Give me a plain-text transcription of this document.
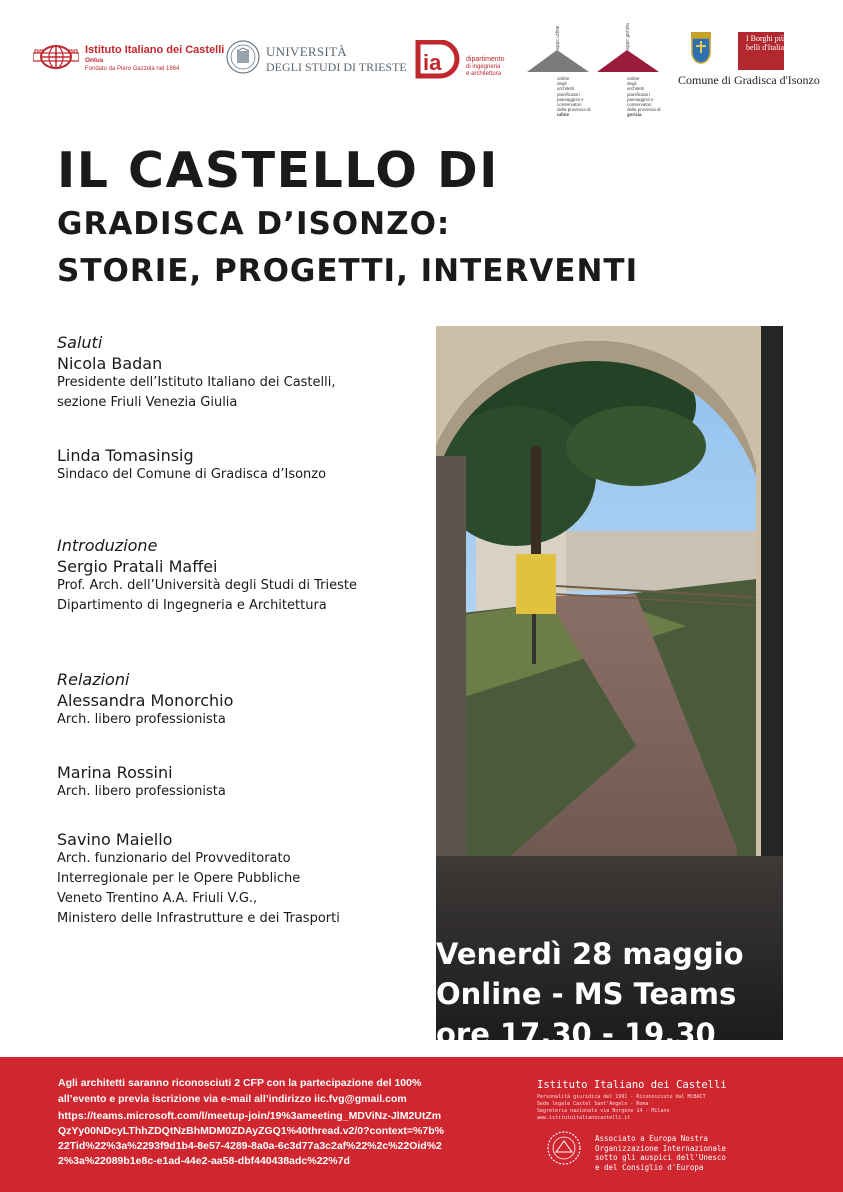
Istituto Italiano dei Castelli
Onlus
Fondato da Piero Gazzola nel 1964
UNIVERSITÀ
DEGLI STUDI DI TRIESTE ia	dipartimento
di ingegneria
e architettura
appc udine
ordine
degli
architetti
pianificatori
paesaggisti e
conservatori
della provincia di
udine
appc gorizia
ordine
degli
architetti
pianificatori
paesaggisti e
conservatori
della provincia di
gorizia
I Borghi più belli d'Italia
Comune di Gradisca d'Isonzo
IL CASTELLO DI
GRADISCA D’ISONZO:
STORIE, PROGETTI, INTERVENTI
Saluti
Nicola Badan
Presidente dell’Istituto Italiano dei Castelli,
sezione Friuli Venezia Giulia
Linda Tomasinsig
Sindaco del Comune di Gradisca d’Isonzo
Introduzione
Sergio Pratali Maffei
Prof. Arch. dell’Università degli Studi di Trieste
Dipartimento di Ingegneria e Architettura
Relazioni
Alessandra Monorchio
Arch. libero professionista
Marina Rossini
Arch. libero professionista
Savino Maiello
Arch. funzionario del Provveditorato
Interregionale per le Opere Pubbliche
Veneto Trentino A.A. Friuli V.G.,
Ministero delle Infrastrutture e dei Trasporti
Venerdì 28 maggio
Online - MS Teams
ore 17.30 - 19.30
Agli architetti saranno riconosciuti 2 CFP con la partecipazione del 100%
all’evento e previa iscrizione via e-mail all’indirizzo iic.fvg@gmail.com
https://teams.microsoft.com/l/meetup-join/19%3ameeting_MDViNz-JlM2UtZmQzYy00NDcyLThhZDQtNzBhMDM0ZDAyZGQ1%40thread.v2/0?context=%7b%22Tid%22%3a%2293f9d1b4-8e57-4289-8a0a-6c3d77a3c2af%22%2c%22Oid%22%3a%22089b1e8c-e1ad-44e2-aa58-dbf440438adc%22%7d
Istituto Italiano dei Castelli
Personalità giuridica del 1991 - Riconosciuto dal MiBACT
Sede legale Castel Sant'Angelo - Roma
Segreteria nazionale via Borgese 14 - Milano
www.istitutoitalianocastelli.it
Associato a Europa Nostra
Organizzazione Internazionale
sotto gli auspici dell'Unesco
e del Consiglio d'Europa
